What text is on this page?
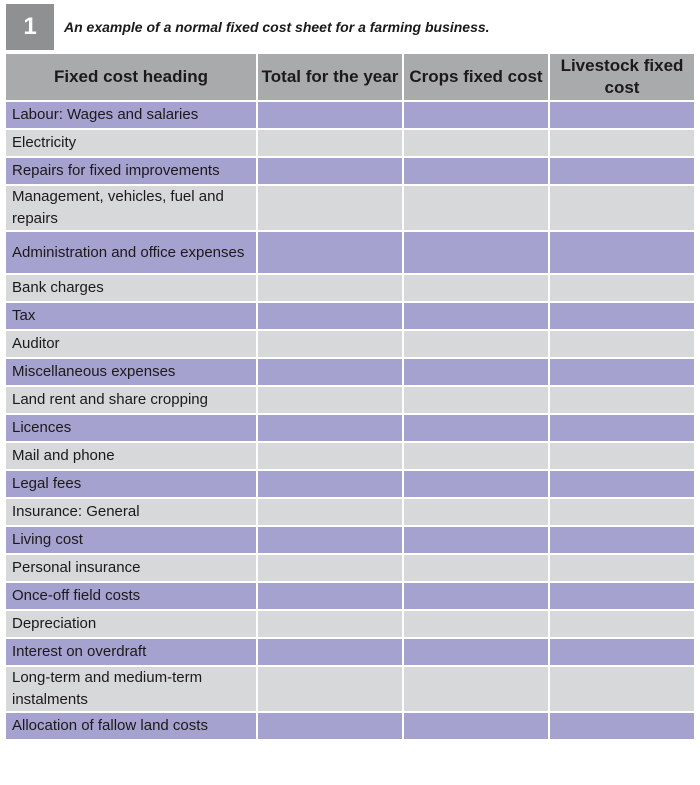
1	An example of a normal fixed cost sheet for a farming business.
Fixed cost heading	Total for the year	Crops fixed cost	Livestock fixed cost
Labour: Wages and salaries			
Electricity			
Repairs for fixed improvements			
Management, vehicles, fuel and repairs			
Administration and office expenses			
Bank charges			
Tax			
Auditor			
Miscellaneous expenses			
Land rent and share cropping			
Licences			
Mail and phone			
Legal fees			
Insurance: General			
Living cost			
Personal insurance			
Once-off field costs			
Depreciation			
Interest on overdraft			
Long-term and medium-term instalments			
Allocation of fallow land costs			
